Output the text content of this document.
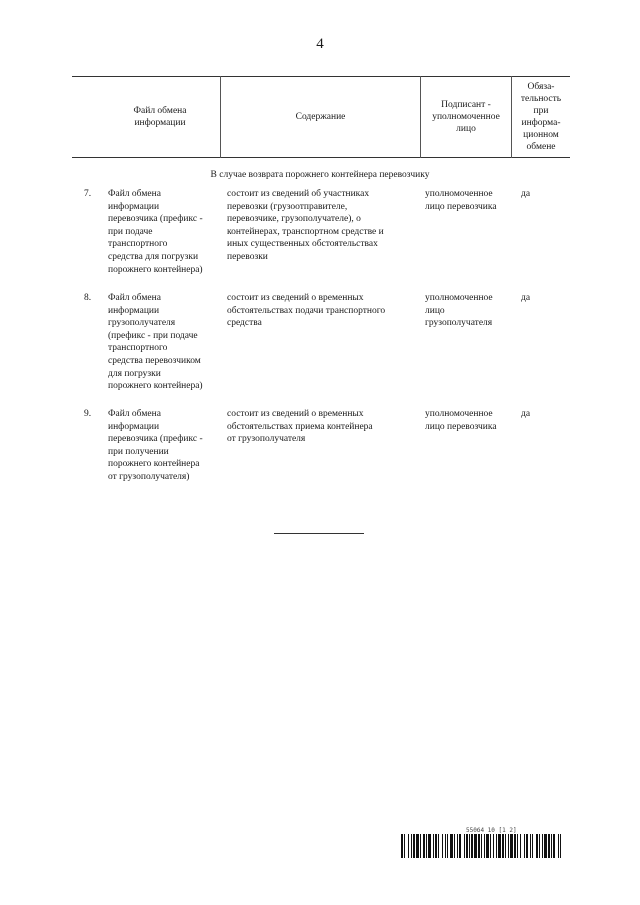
4
Файл обмена
информации
Содержание
Подписант -
уполномоченное
лицо
Обяза-
тельность
при
информа-
ционном
обмене
В случае возврата порожнего контейнера перевозчику
7. Файл обмена
информации
перевозчика (префикс -
при подаче
транспортного
средства для погрузки
порожнего контейнера)
состоит из сведений об участниках
перевозки (грузоотправителе,
перевозчике, грузополучателе), о
контейнерах, транспортном средстве и
иных существенных обстоятельствах
перевозки
уполномоченное
лицо перевозчика
да
8. Файл обмена
информации
грузополучателя
(префикс - при подаче
транспортного
средства перевозчиком
для погрузки
порожнего контейнера)
состоит из сведений о временных
обстоятельствах подачи транспортного
средства
уполномоченное
лицо
грузополучателя
да
9. Файл обмена
информации
перевозчика (префикс -
при получении
порожнего контейнера
от грузополучателя)
состоит из сведений о временных
обстоятельствах приема контейнера
от грузополучателя
уполномоченное
лицо перевозчика
да
550б4 10 [1 2]
